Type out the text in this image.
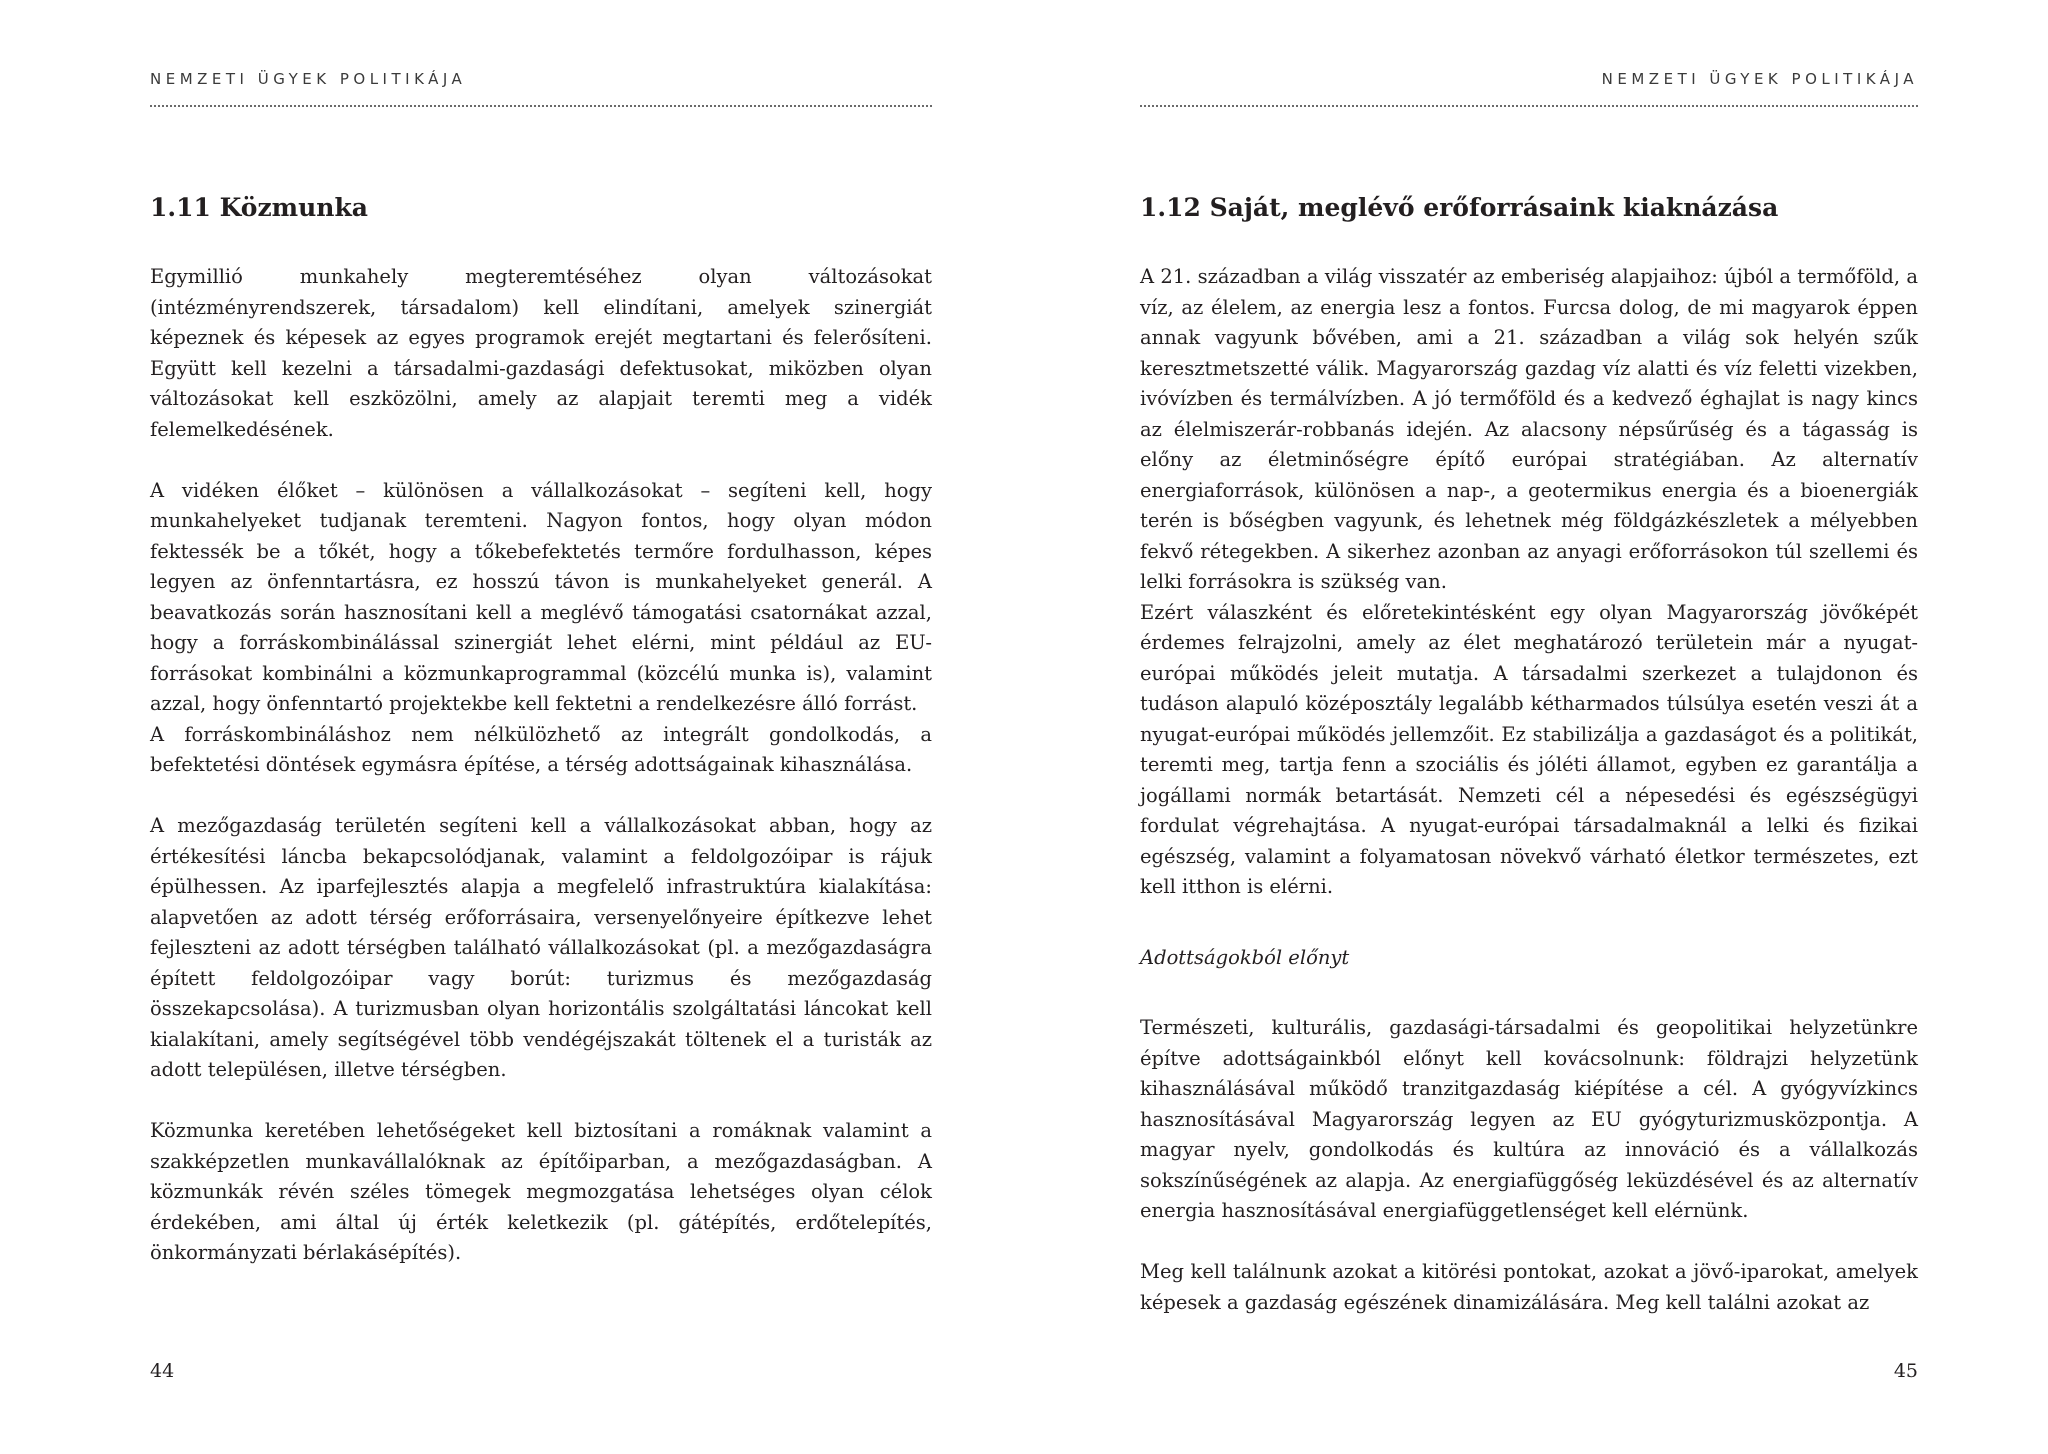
NEMZETI ÜGYEK POLITIKÁJA
1.11 Közmunka

Egymillió munkahely megteremtéséhez olyan változásokat (intézményrendszerek, társadalom) kell elindítani, amelyek szinergiát képeznek és képesek az egyes programok erejét megtartani és felerősíteni. Együtt kell kezelni a társadalmi-gazdasági defektusokat, miközben olyan változásokat kell eszközölni, amely az alapjait teremti meg a vidék felemelkedésének.

A vidéken élőket – különösen a vállalkozásokat – segíteni kell, hogy munkahelyeket tudjanak teremteni. Nagyon fontos, hogy olyan módon fektessék be a tőkét, hogy a tőkebefektetés termőre fordulhasson, képes legyen az önfenntartásra, ez hosszú távon is munkahelyeket generál. A beavatkozás során hasznosítani kell a meglévő támogatási csatornákat azzal, hogy a forráskombinálással szinergiát lehet elérni, mint például az EU-forrásokat kombinálni a közmunkaprogrammal (közcélú munka is), valamint azzal, hogy önfenntartó projektekbe kell fektetni a rendelkezésre álló forrást.

A forráskombináláshoz nem nélkülözhető az integrált gondolkodás, a befektetési döntések egymásra építése, a térség adottságainak kihasználása.

A mezőgazdaság területén segíteni kell a vállalkozásokat abban, hogy az értékesítési láncba bekapcsolódjanak, valamint a feldolgozóipar is rájuk épülhessen. Az iparfejlesztés alapja a megfelelő infrastruktúra kialakítása: alapvetően az adott térség erőforrásaira, versenyelőnyeire építkezve lehet fejleszteni az adott térségben található vállalkozásokat (pl. a mezőgazdaságra épített feldolgozóipar vagy borút: turizmus és mezőgazdaság összekapcsolása). A turizmusban olyan horizontális szolgáltatási láncokat kell kialakítani, amely segítségével több vendégéjszakát töltenek el a turisták az adott településen, illetve térségben.

Közmunka keretében lehetőségeket kell biztosítani a romáknak valamint a szakképzetlen munkavállalóknak az építőiparban, a mezőgazdaságban. A közmunkák révén széles tömegek megmozgatása lehetséges olyan célok érdekében, ami által új érték keletkezik (pl. gátépítés, erdőtelepítés, önkormányzati bérlakásépítés).

44
NEMZETI ÜGYEK POLITIKÁJA
1.12 Saját, meglévő erőforrásaink kiaknázása

A 21. században a világ visszatér az emberiség alapjaihoz: újból a termőföld, a víz, az élelem, az energia lesz a fontos. Furcsa dolog, de mi magyarok éppen annak vagyunk bővében, ami a 21. században a világ sok helyén szűk keresztmetszetté válik. Magyarország gazdag víz alatti és víz feletti vizekben, ivóvízben és termálvízben. A jó termőföld és a kedvező éghajlat is nagy kincs az élelmiszerár-robbanás idején. Az alacsony népsűrűség és a tágasság is előny az életminőségre építő európai stratégiában. Az alternatív energiaforrások, különösen a nap-, a geotermikus energia és a bioenergiák terén is bőségben vagyunk, és lehetnek még földgázkészletek a mélyebben fekvő rétegekben. A sikerhez azonban az anyagi erőforrásokon túl szellemi és lelki forrásokra is szükség van.

Ezért válaszként és előretekintésként egy olyan Magyarország jövőképét érdemes felrajzolni, amely az élet meghatározó területein már a nyugat-európai működés jeleit mutatja. A társadalmi szerkezet a tulajdonon és tudáson alapuló középosztály legalább kétharmados túlsúlya esetén veszi át a nyugat-európai működés jellemzőit. Ez stabilizálja a gazdaságot és a politikát, teremti meg, tartja fenn a szociális és jóléti államot, egyben ez garantálja a jogállami normák betartását. Nemzeti cél a népesedési és egészségügyi fordulat végrehajtása. A nyugat-európai társadalmaknál a lelki és fizikai egészség, valamint a folyamatosan növekvő várható életkor természetes, ezt kell itthon is elérni.

Adottságokból előnyt

Természeti, kulturális, gazdasági-társadalmi és geopolitikai helyzetünkre építve adottságainkból előnyt kell kovácsolnunk: földrajzi helyzetünk kihasználásával működő tranzitgazdaság kiépítése a cél. A gyógyvízkincs hasznosításával Magyarország legyen az EU gyógyturizmusközpontja. A magyar nyelv, gondolkodás és kultúra az innováció és a vállalkozás sokszínűségének az alapja. Az energiafüggőség leküzdésével és az alternatív energia hasznosításával energiafüggetlenséget kell elérnünk.

Meg kell találnunk azokat a kitörési pontokat, azokat a jövő-iparokat, amelyek képesek a gazdaság egészének dinamizálására. Meg kell találni azokat az

45
